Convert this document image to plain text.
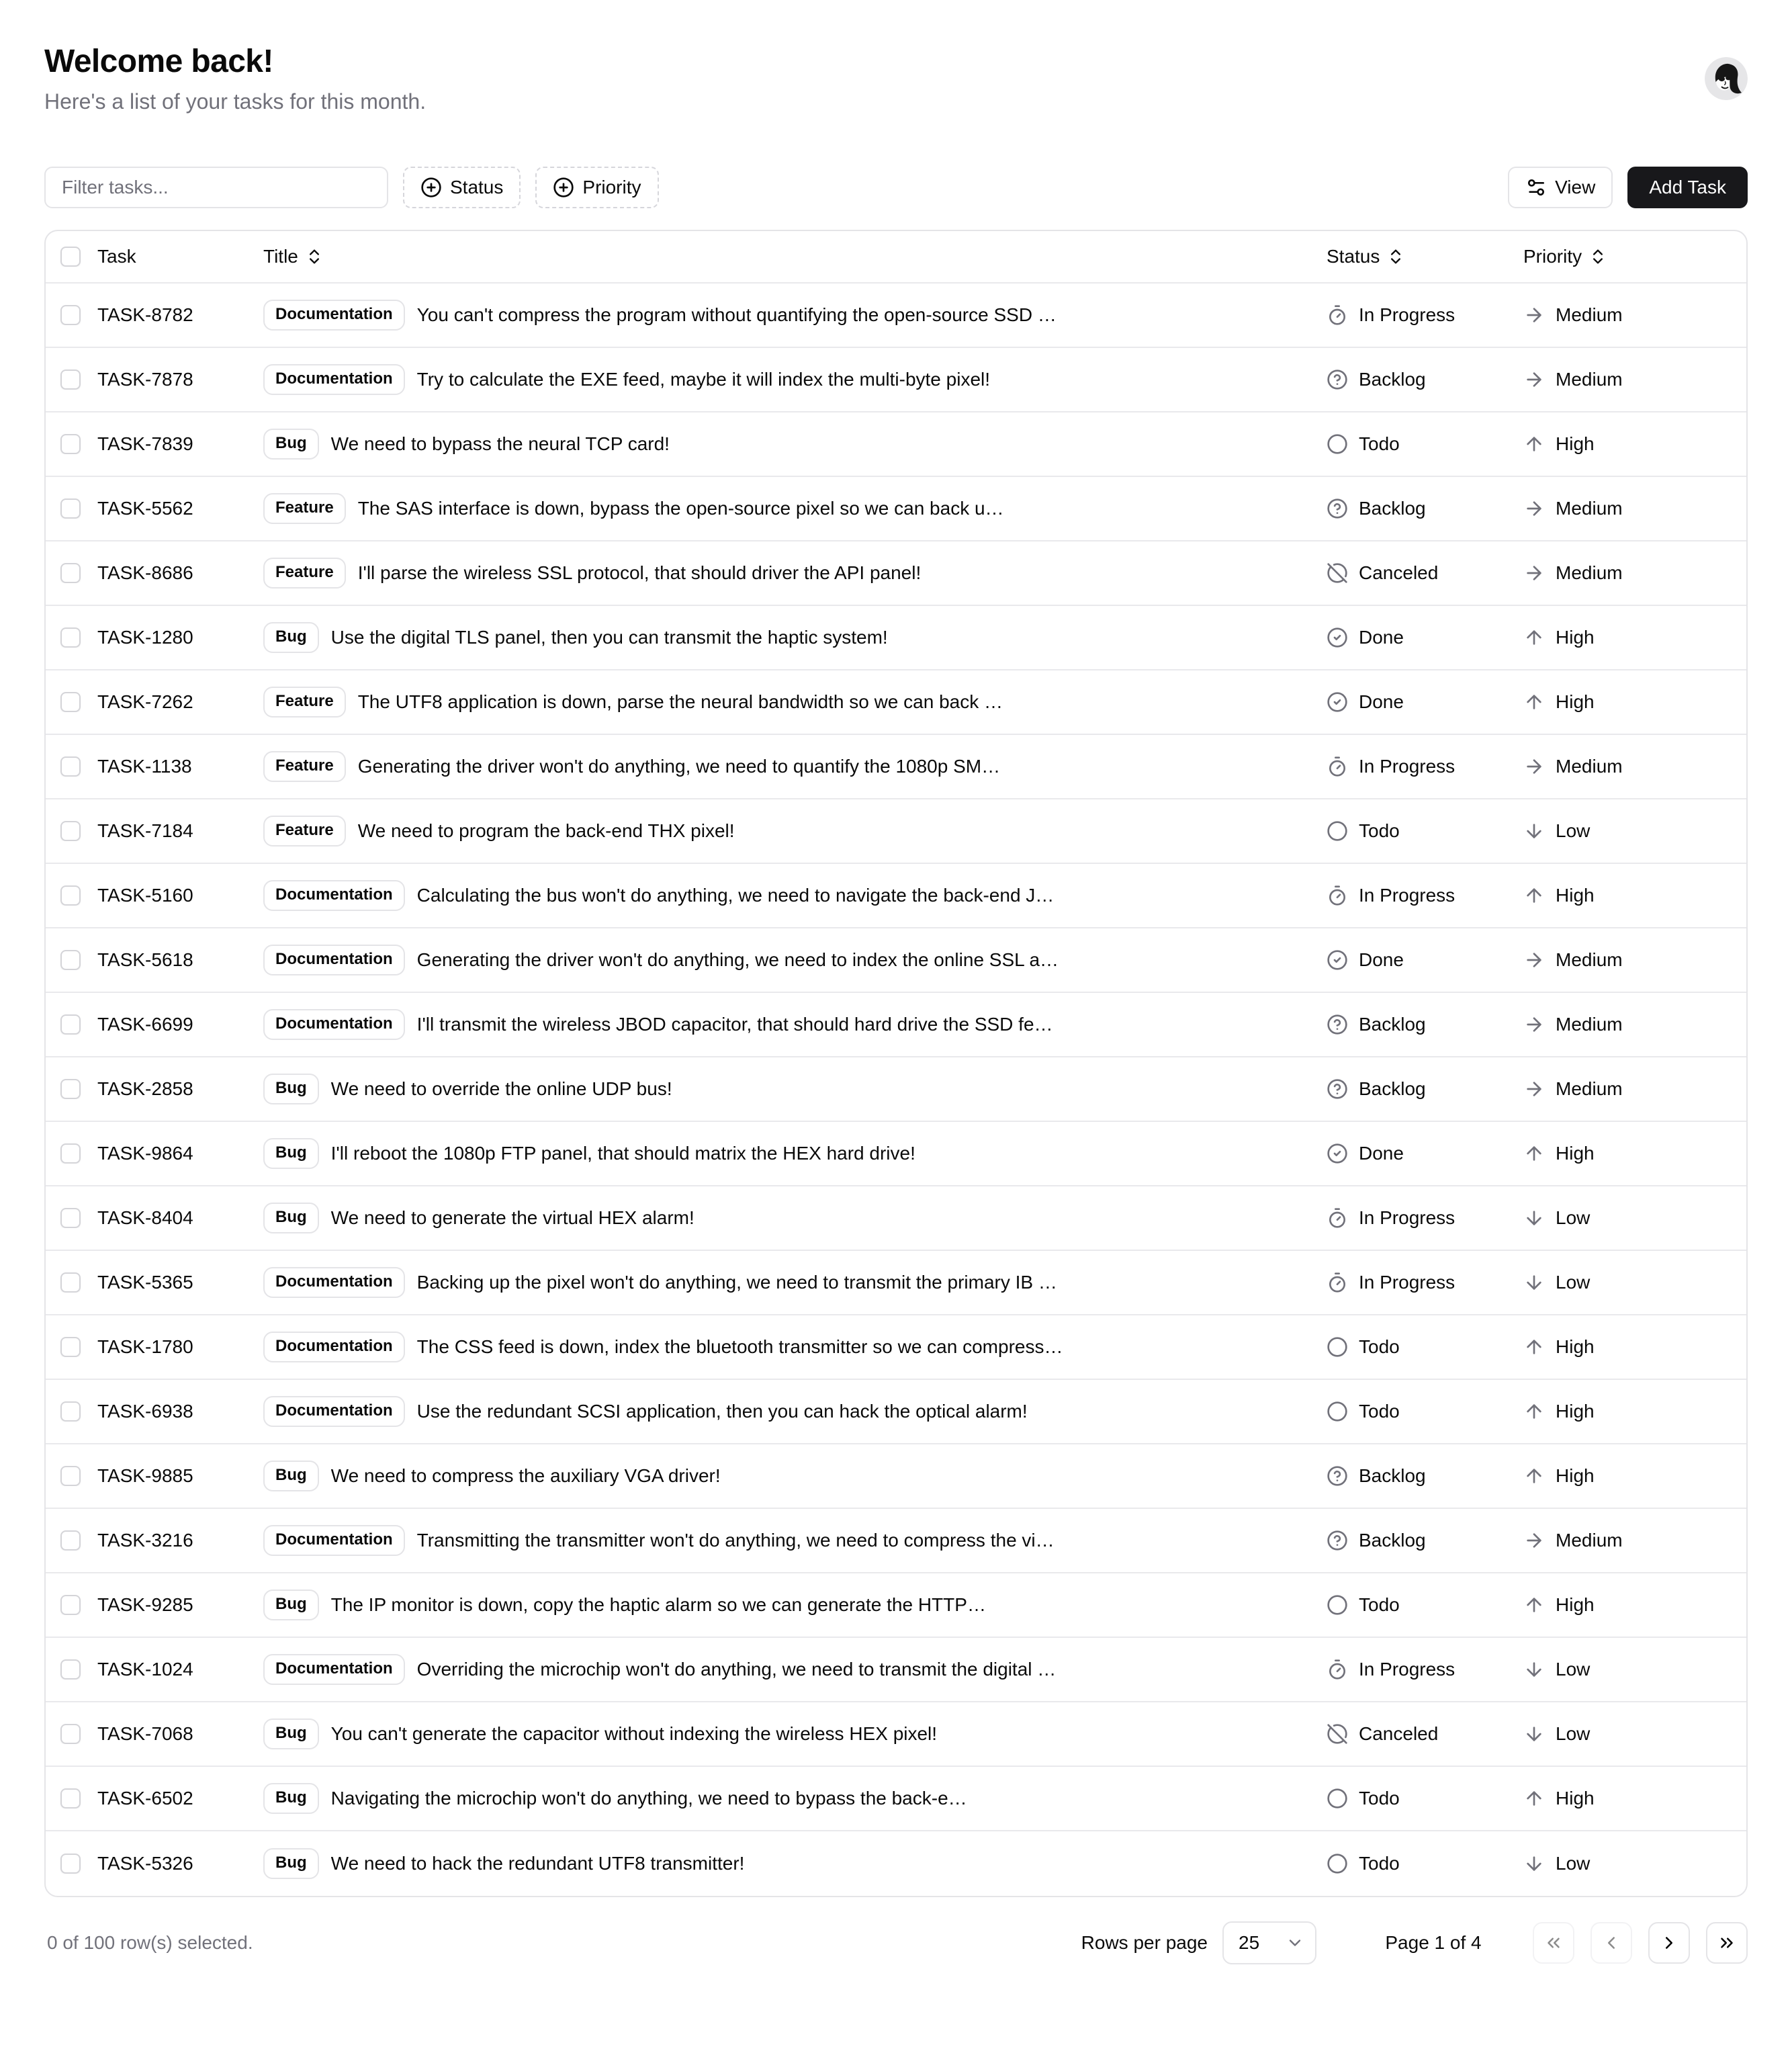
Welcome back!
Here's a list of your tasks for this month.
Filter tasks...
Status	Priority	View	Add Task
Task	Title	Status	Priority
TASK-8782	Documentation	You can't compress the program without quantifying the open-source SSD …	In Progress	Medium
TASK-7878	Documentation	Try to calculate the EXE feed, maybe it will index the multi-byte pixel!	Backlog	Medium
TASK-7839	Bug	We need to bypass the neural TCP card!	Todo	High
TASK-5562	Feature	The SAS interface is down, bypass the open-source pixel so we can back u…	Backlog	Medium
TASK-8686	Feature	I'll parse the wireless SSL protocol, that should driver the API panel!	Canceled	Medium
TASK-1280	Bug	Use the digital TLS panel, then you can transmit the haptic system!	Done	High
TASK-7262	Feature	The UTF8 application is down, parse the neural bandwidth so we can back …	Done	High
TASK-1138	Feature	Generating the driver won't do anything, we need to quantify the 1080p SM…	In Progress	Medium
TASK-7184	Feature	We need to program the back-end THX pixel!	Todo	Low
TASK-5160	Documentation	Calculating the bus won't do anything, we need to navigate the back-end J…	In Progress	High
TASK-5618	Documentation	Generating the driver won't do anything, we need to index the online SSL a…	Done	Medium
TASK-6699	Documentation	I'll transmit the wireless JBOD capacitor, that should hard drive the SSD fe…	Backlog	Medium
TASK-2858	Bug	We need to override the online UDP bus!	Backlog	Medium
TASK-9864	Bug	I'll reboot the 1080p FTP panel, that should matrix the HEX hard drive!	Done	High
TASK-8404	Bug	We need to generate the virtual HEX alarm!	In Progress	Low
TASK-5365	Documentation	Backing up the pixel won't do anything, we need to transmit the primary IB …	In Progress	Low
TASK-1780	Documentation	The CSS feed is down, index the bluetooth transmitter so we can compress…	Todo	High
TASK-6938	Documentation	Use the redundant SCSI application, then you can hack the optical alarm!	Todo	High
TASK-9885	Bug	We need to compress the auxiliary VGA driver!	Backlog	High
TASK-3216	Documentation	Transmitting the transmitter won't do anything, we need to compress the vi…	Backlog	Medium
TASK-9285	Bug	The IP monitor is down, copy the haptic alarm so we can generate the HTTP…	Todo	High
TASK-1024	Documentation	Overriding the microchip won't do anything, we need to transmit the digital …	In Progress	Low
TASK-7068	Bug	You can't generate the capacitor without indexing the wireless HEX pixel!	Canceled	Low
TASK-6502	Bug	Navigating the microchip won't do anything, we need to bypass the back-e…	Todo	High
TASK-5326	Bug	We need to hack the redundant UTF8 transmitter!	Todo	Low
0 of 100 row(s) selected.	Rows per page 25	Page 1 of 4
